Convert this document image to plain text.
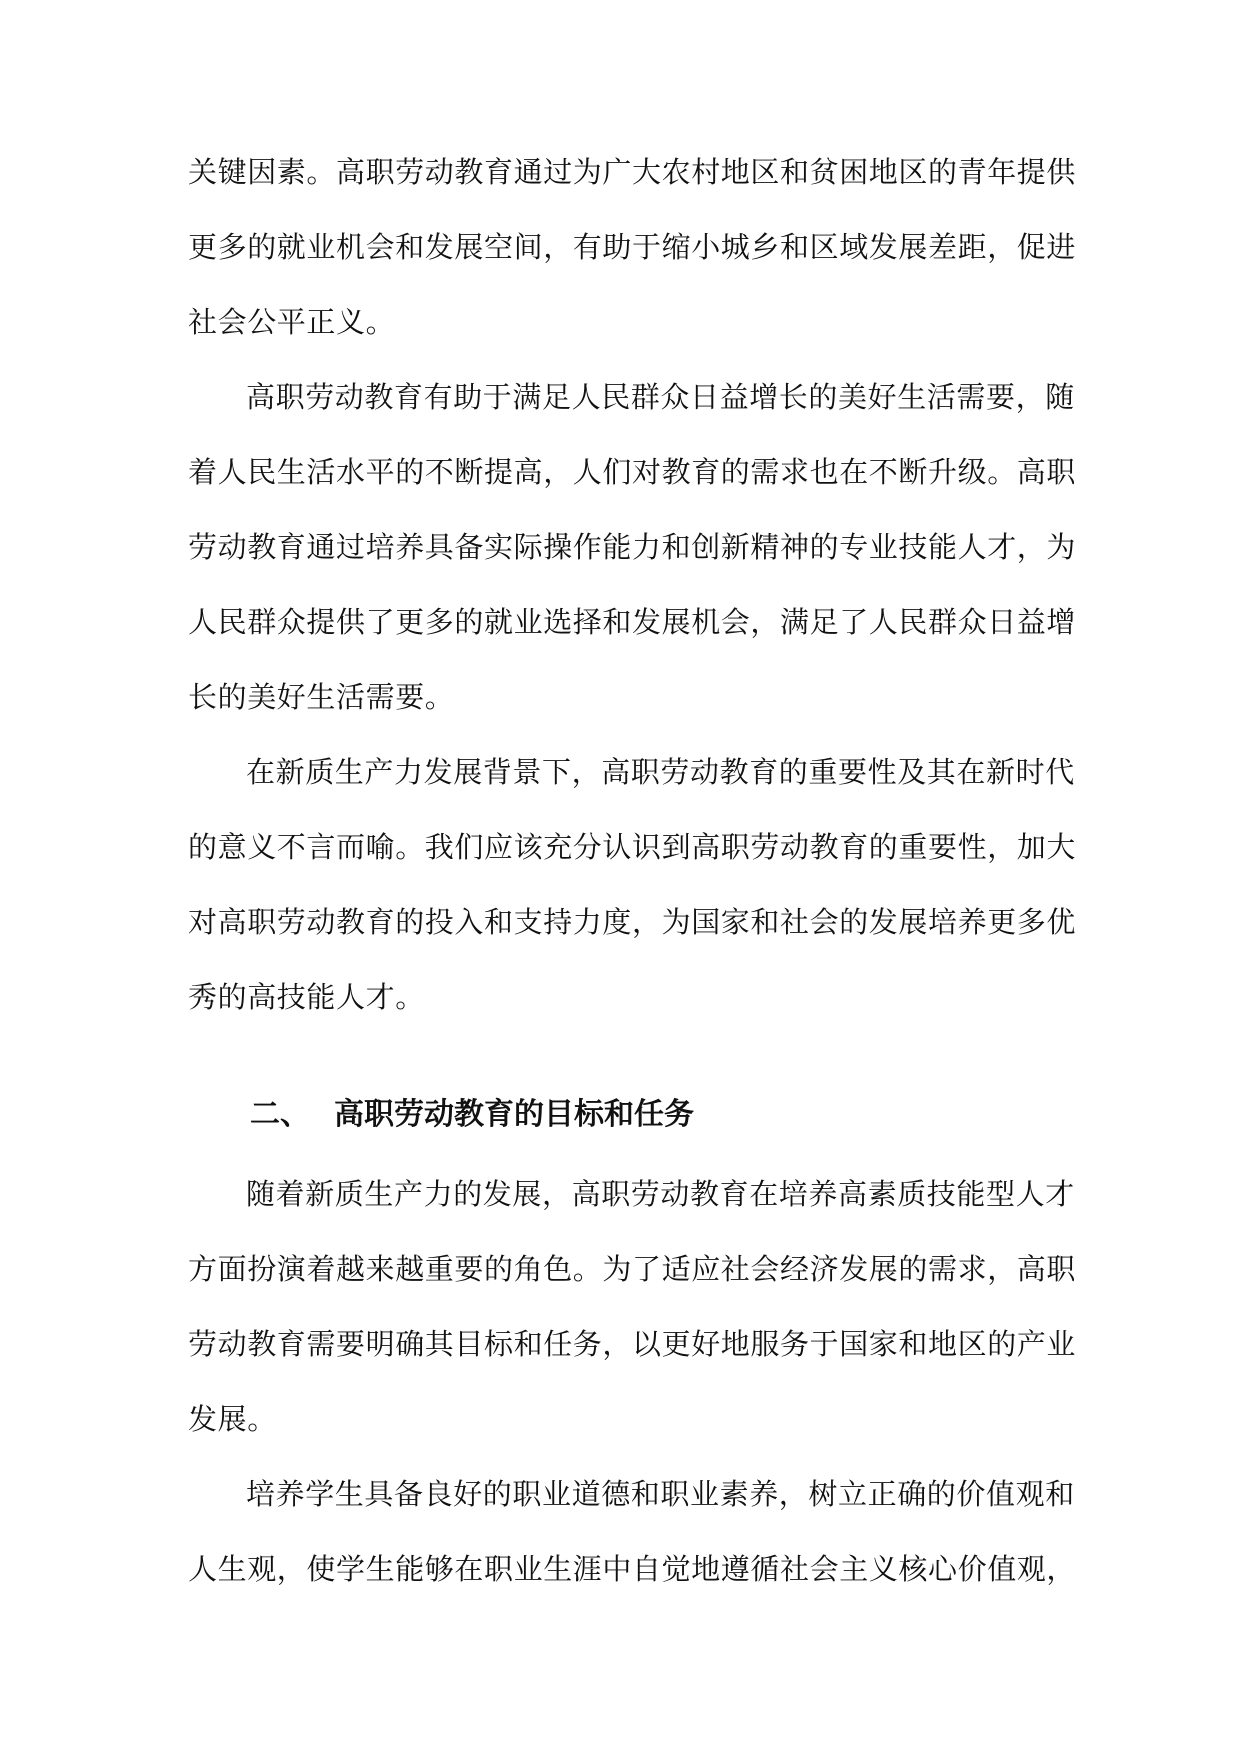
关键因素。高职劳动教育通过为广大农村地区和贫困地区的青年提供
更多的就业机会和发展空间，有助于缩小城乡和区域发展差距，促进
社会公平正义。
高职劳动教育有助于满足人民群众日益增长的美好生活需要，随
着人民生活水平的不断提高，人们对教育的需求也在不断升级。高职
劳动教育通过培养具备实际操作能力和创新精神的专业技能人才，为
人民群众提供了更多的就业选择和发展机会，满足了人民群众日益增
长的美好生活需要。
在新质生产力发展背景下，高职劳动教育的重要性及其在新时代
的意义不言而喻。我们应该充分认识到高职劳动教育的重要性，加大
对高职劳动教育的投入和支持力度，为国家和社会的发展培养更多优
秀的高技能人才。
二、 高职劳动教育的目标和任务
随着新质生产力的发展，高职劳动教育在培养高素质技能型人才
方面扮演着越来越重要的角色。为了适应社会经济发展的需求，高职
劳动教育需要明确其目标和任务，以更好地服务于国家和地区的产业
发展。
培养学生具备良好的职业道德和职业素养，树立正确的价值观和
人生观，使学生能够在职业生涯中自觉地遵循社会主义核心价值观，
